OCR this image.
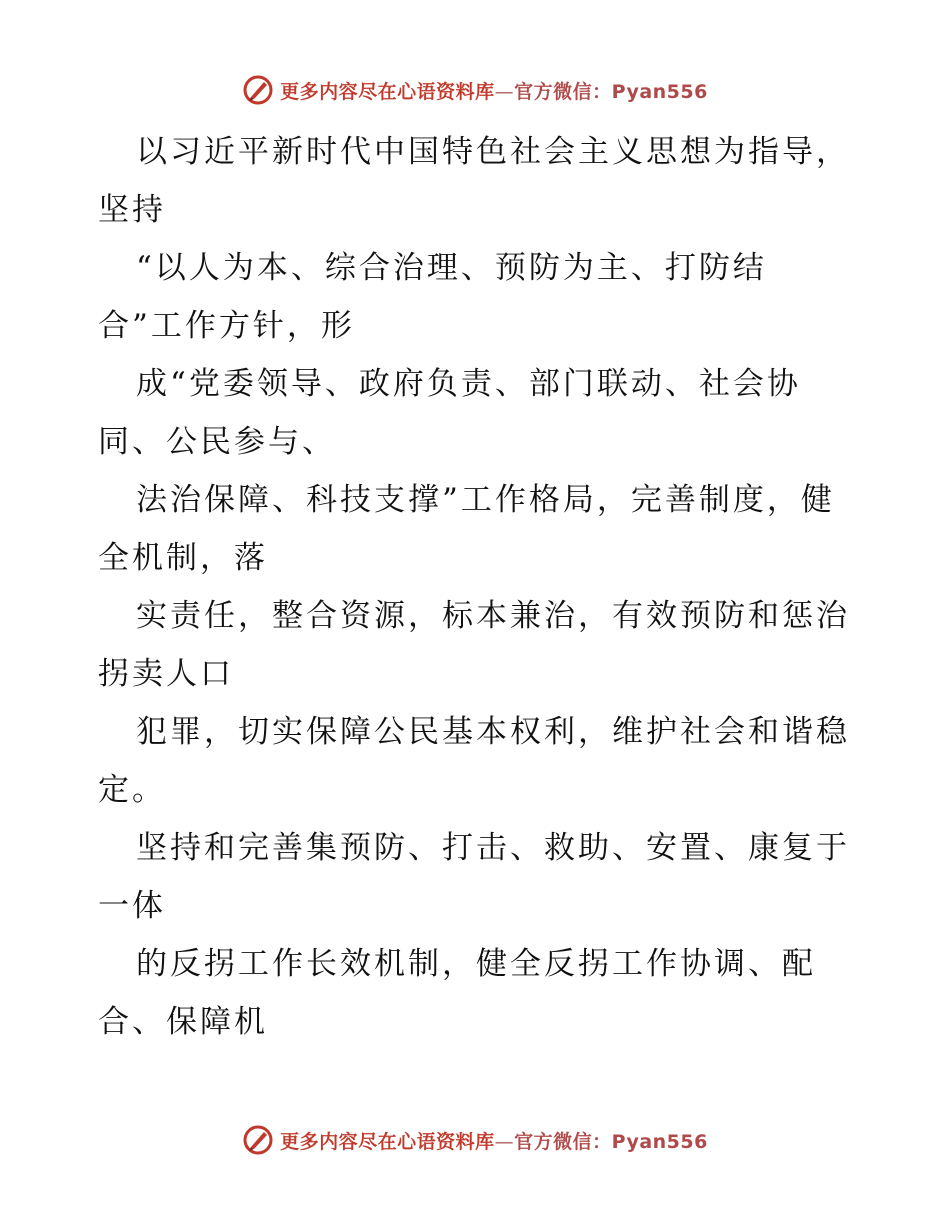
更多内容尽在心语资料库—官方微信：Pyan556
以习近平新时代中国特色社会主义思想为指导，
坚持
“以人为本、综合治理、预防为主、打防结
合”工作方针，形
成“党委领导、政府负责、部门联动、社会协
同、公民参与、
法治保障、科技支撑”工作格局，完善制度，健
全机制，落
实责任，整合资源，标本兼治，有效预防和惩治
拐卖人口
犯罪，切实保障公民基本权利，维护社会和谐稳
定。
坚持和完善集预防、打击、救助、安置、康复于
一体
的反拐工作长效机制，健全反拐工作协调、配
合、保障机
更多内容尽在心语资料库—官方微信：Pyan556
